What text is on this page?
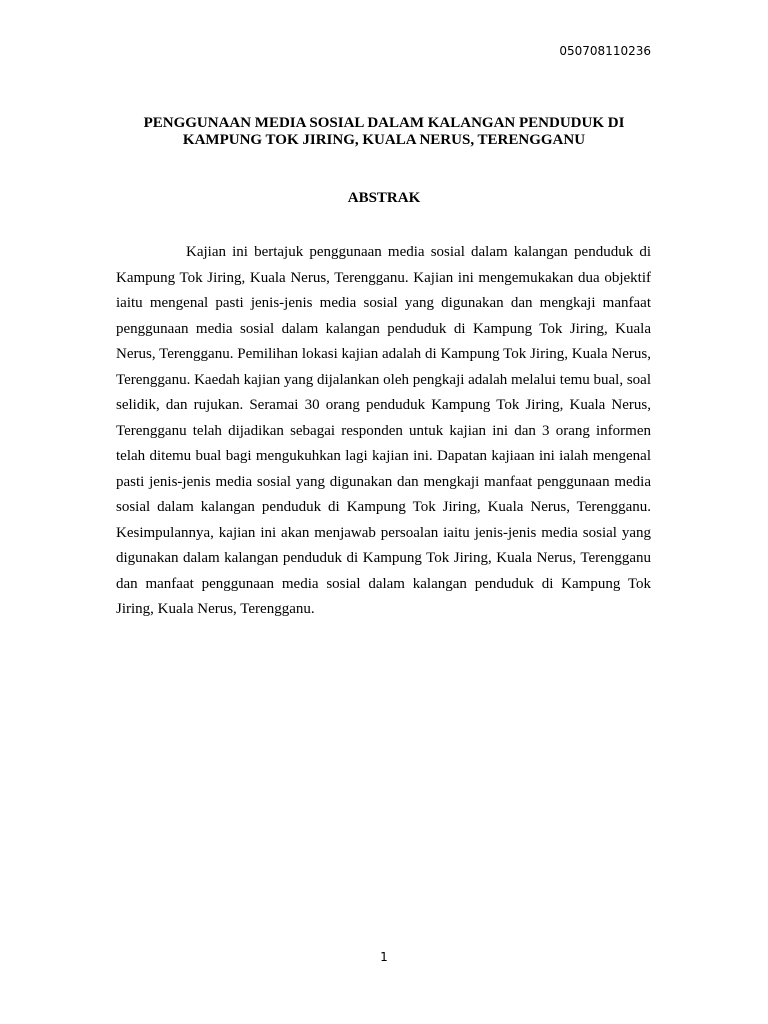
050708110236
PENGGUNAAN MEDIA SOSIAL DALAM KALANGAN PENDUDUK DI
KAMPUNG TOK JIRING, KUALA NERUS, TERENGGANU
ABSTRAK

Kajian ini bertajuk penggunaan media sosial dalam kalangan penduduk di Kampung Tok Jiring, Kuala Nerus, Terengganu. Kajian ini mengemukakan dua objektif iaitu mengenal pasti jenis-jenis media sosial yang digunakan dan mengkaji manfaat penggunaan media sosial dalam kalangan penduduk di Kampung Tok Jiring, Kuala Nerus, Terengganu. Pemilihan lokasi kajian adalah di Kampung Tok Jiring, Kuala Nerus, Terengganu. Kaedah kajian yang dijalankan oleh pengkaji adalah melalui temu bual, soal selidik, dan rujukan. Seramai 30 orang penduduk Kampung Tok Jiring, Kuala Nerus, Terengganu telah dijadikan sebagai responden untuk kajian ini dan 3 orang informen telah ditemu bual bagi mengukuhkan lagi kajian ini. Dapatan kajiaan ini ialah mengenal pasti jenis-jenis media sosial yang digunakan dan mengkaji manfaat penggunaan media sosial dalam kalangan penduduk di Kampung Tok Jiring, Kuala Nerus, Terengganu. Kesimpulannya, kajian ini akan menjawab persoalan iaitu jenis-jenis media sosial yang digunakan dalam kalangan penduduk di Kampung Tok Jiring, Kuala Nerus, Terengganu dan manfaat penggunaan media sosial dalam kalangan penduduk di Kampung Tok Jiring, Kuala Nerus, Terengganu.

1
